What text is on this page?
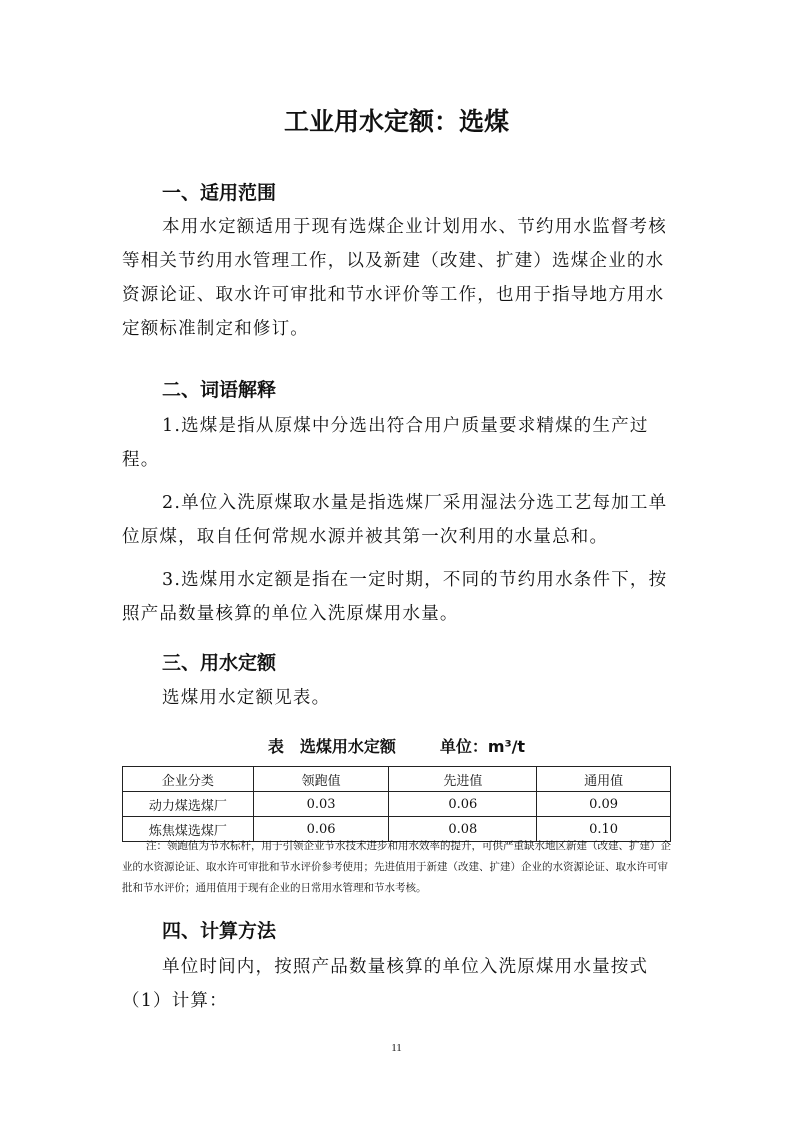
工业用水定额：选煤
一、适用范围

本用水定额适用于现有选煤企业计划用水、节约用水监督考核等相关节约用水管理工作，以及新建（改建、扩建）选煤企业的水资源论证、取水许可审批和节水评价等工作，也用于指导地方用水定额标准制定和修订。

二、词语解释

1.选煤是指从原煤中分选出符合用户质量要求精煤的生产过程。

2.单位入洗原煤取水量是指选煤厂采用湿法分选工艺每加工单位原煤，取自任何常规水源并被其第一次利用的水量总和。

3.选煤用水定额是指在一定时期，不同的节约用水条件下，按照产品数量核算的单位入洗原煤用水量。

三、用水定额
选煤用水定额见表。
表　选煤用水定额	单位：m³/t
企业分类	领跑值	先进值	通用值
动力煤选煤厂	0.03	0.06	0.09
炼焦煤选煤厂	0.06	0.08	0.10

注：领跑值为节水标杆，用于引领企业节水技术进步和用水效率的提升，可供严重缺水地区新建（改建、扩建）企业的水资源论证、取水许可审批和节水评价参考使用；先进值用于新建（改建、扩建）企业的水资源论证、取水许可审批和节水评价；通用值用于现有企业的日常用水管理和节水考核。

四、计算方法

单位时间内，按照产品数量核算的单位入洗原煤用水量按式（1）计算：

11
